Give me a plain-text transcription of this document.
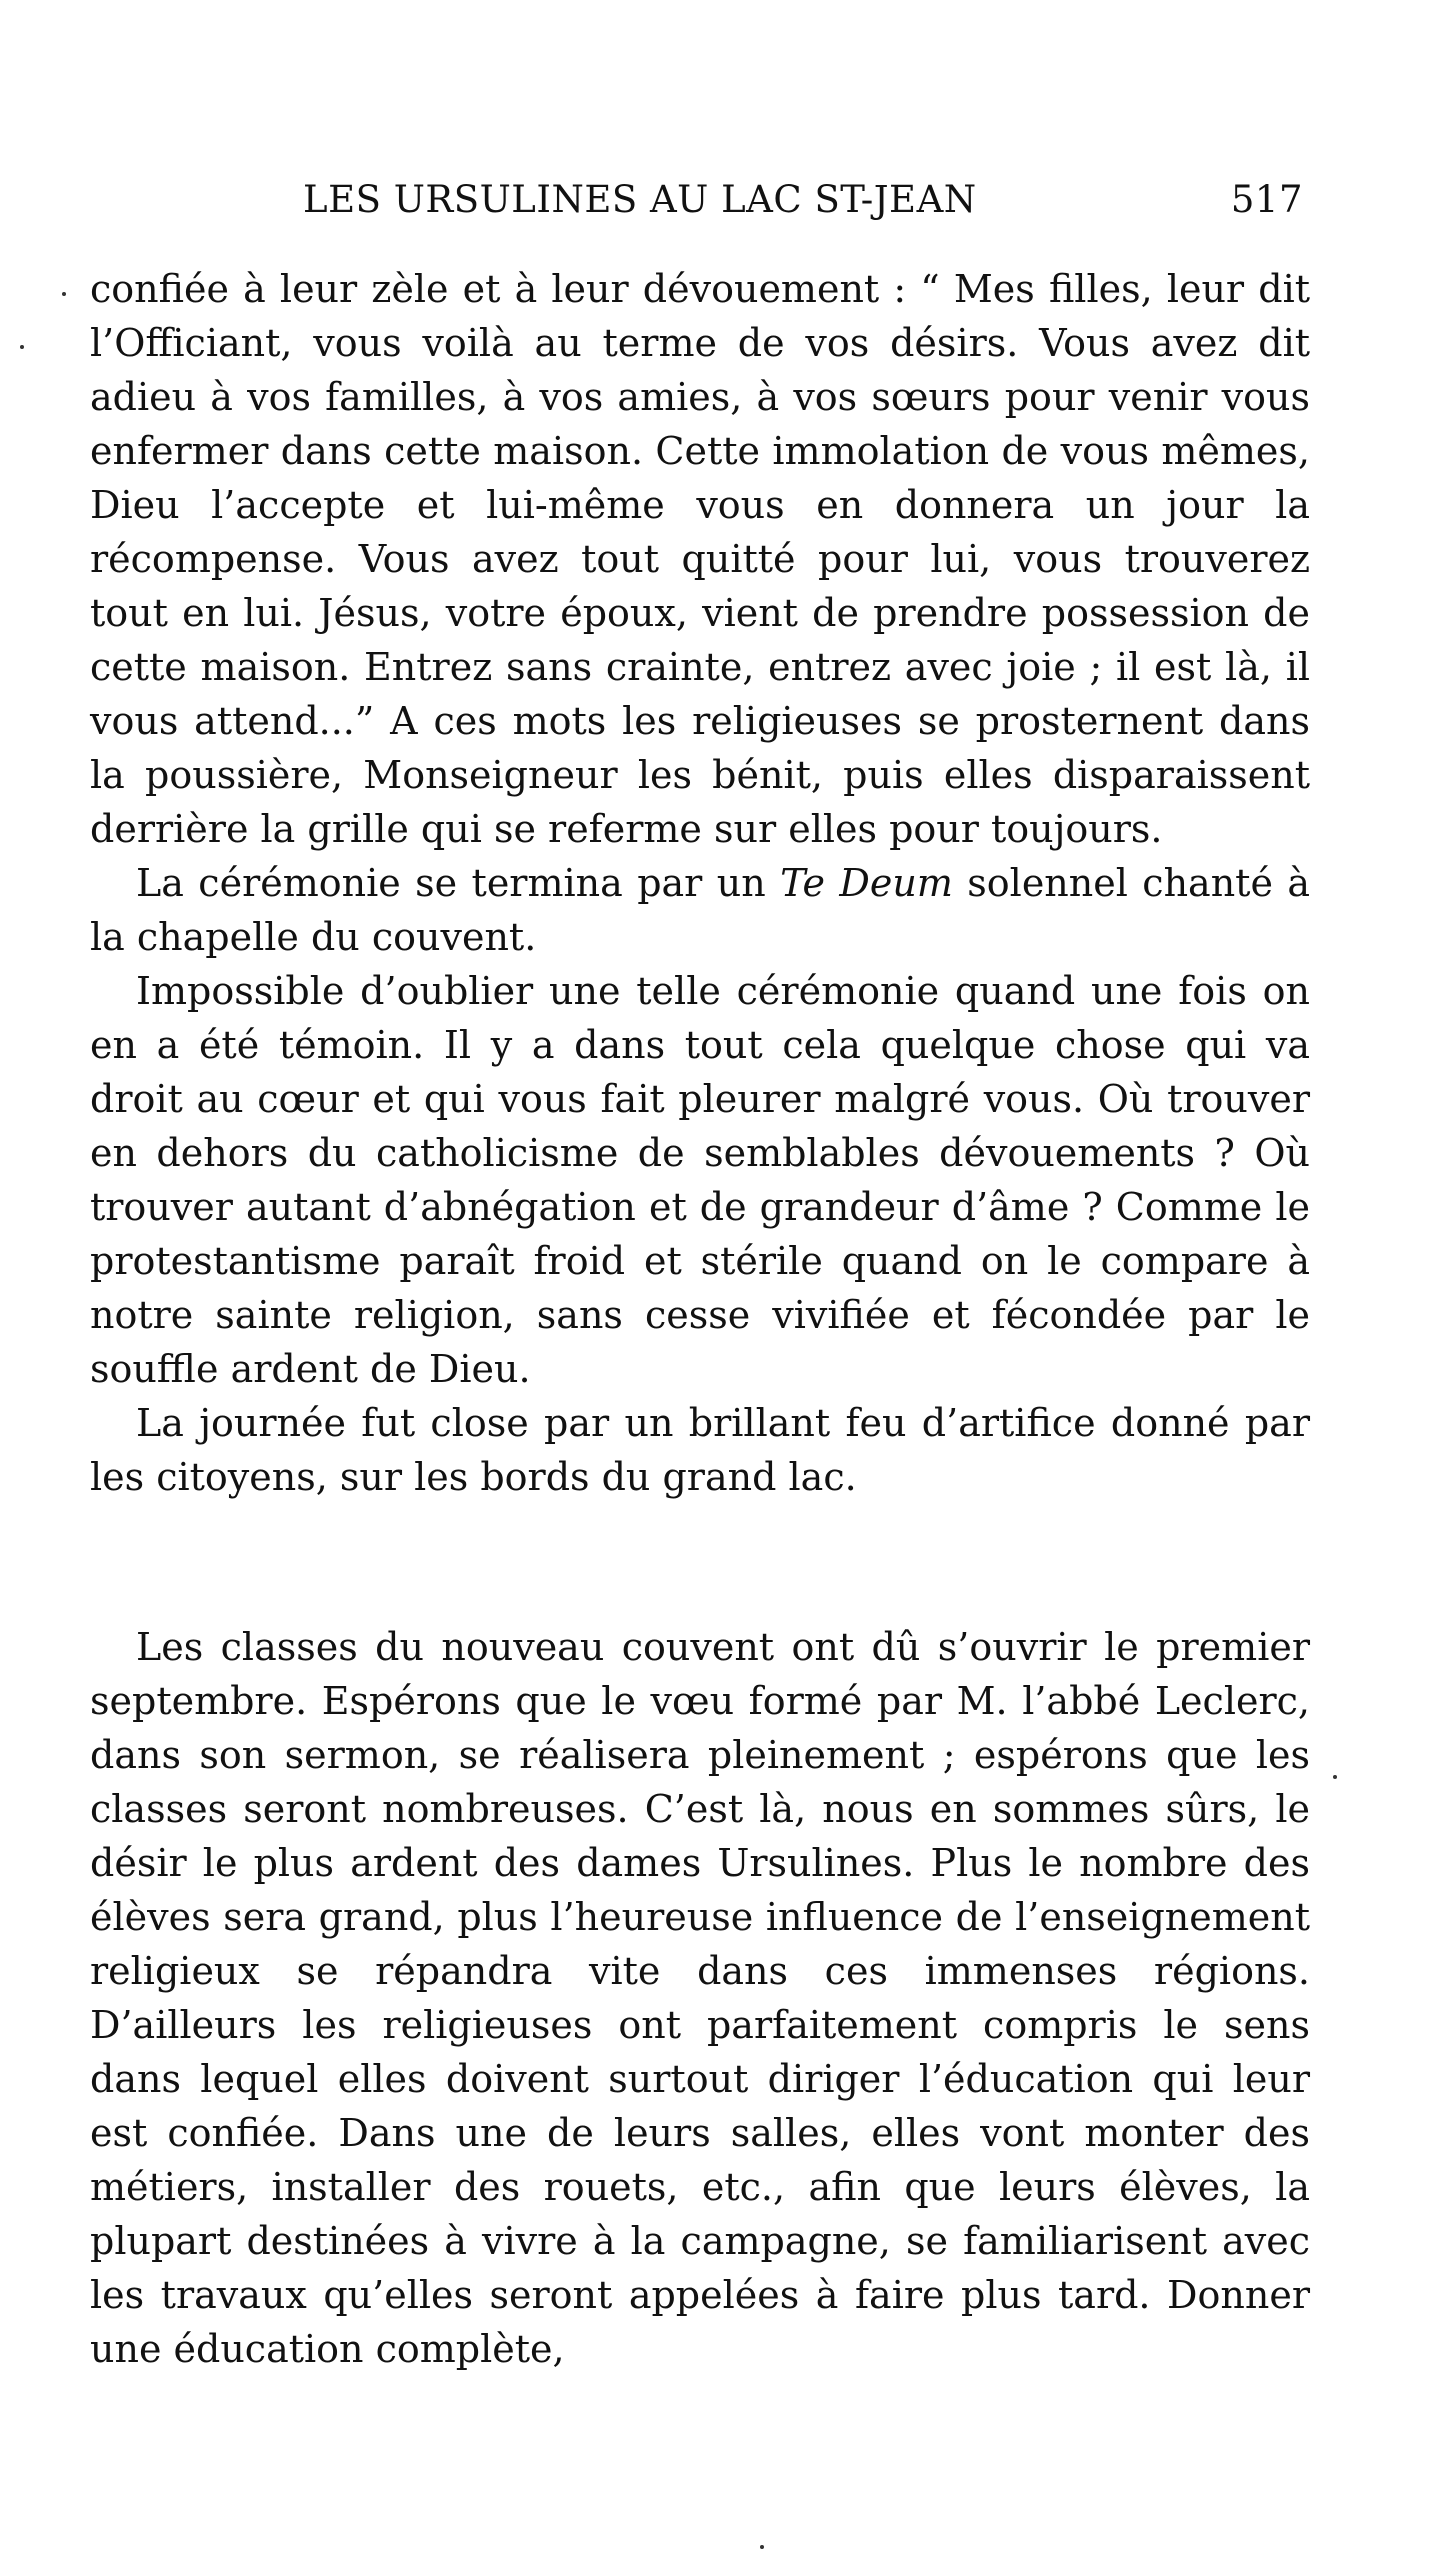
LES URSULINES AU LAC ST-JEAN	517

confiée à leur zèle et à leur dévouement : “ Mes filles, leur dit l’Officiant, vous voilà au terme de vos désirs. Vous avez dit adieu à vos familles, à vos amies, à vos sœurs pour venir vous enfermer dans cette maison. Cette immolation de vous mêmes, Dieu l’accepte et lui-même vous en donnera un jour la récompense. Vous avez tout quitté pour lui, vous trouverez tout en lui. Jésus, votre époux, vient de prendre possession de cette maison. Entrez sans crainte, entrez avec joie ; il est là, il vous attend...” A ces mots les religieuses se prosternent dans la poussière, Monseigneur les bénit, puis elles disparaissent derrière la grille qui se referme sur elles pour toujours.

La cérémonie se termina par un Te Deum solennel chanté à la chapelle du couvent.

Impossible d’oublier une telle cérémonie quand une fois on en a été témoin. Il y a dans tout cela quelque chose qui va droit au cœur et qui vous fait pleurer malgré vous. Où trouver en dehors du catholicisme de semblables dévouements ? Où trouver autant d’abnégation et de grandeur d’âme ? Comme le protestantisme paraît froid et stérile quand on le compare à notre sainte religion, sans cesse vivifiée et fécondée par le souffle ardent de Dieu.

La journée fut close par un brillant feu d’artifice donné par les citoyens, sur les bords du grand lac.

Les classes du nouveau couvent ont dû s’ouvrir le premier septembre. Espérons que le vœu formé par M. l’abbé Leclerc, dans son sermon, se réalisera pleinement ; espérons que les classes seront nombreuses. C’est là, nous en sommes sûrs, le désir le plus ardent des dames Ursulines. Plus le nombre des élèves sera grand, plus l’heureuse influence de l’enseignement religieux se répandra vite dans ces immenses régions. D’ailleurs les religieuses ont parfaitement compris le sens dans lequel elles doivent surtout diriger l’éducation qui leur est confiée. Dans une de leurs salles, elles vont monter des métiers, installer des rouets, etc., afin que leurs élèves, la plupart destinées à vivre à la campagne, se familiarisent avec les travaux qu’elles seront appelées à faire plus tard. Donner une éducation complète,
